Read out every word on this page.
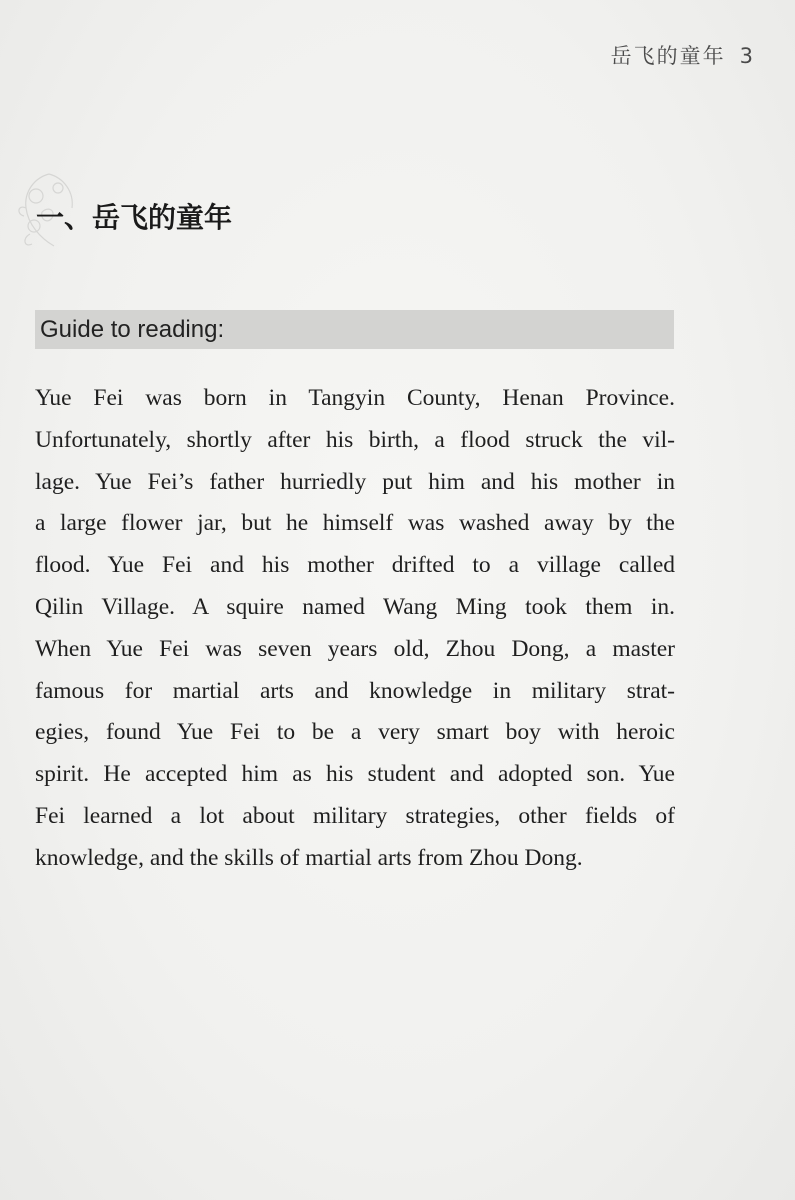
岳飞的童年 3
一、岳飞的童年
Guide to reading:
Yue Fei was born in Tangyin County, Henan Province.
Unfortunately, shortly after his birth, a flood struck the vil-
lage. Yue Fei’s father hurriedly put him and his mother in
a large flower jar, but he himself was washed away by the
flood. Yue Fei and his mother drifted to a village called
Qilin Village. A squire named Wang Ming took them in.
When Yue Fei was seven years old, Zhou Dong, a master
famous for martial arts and knowledge in military strat-
egies, found Yue Fei to be a very smart boy with heroic
spirit. He accepted him as his student and adopted son. Yue
Fei learned a lot about military strategies, other fields of
knowledge, and the skills of martial arts from Zhou Dong.
